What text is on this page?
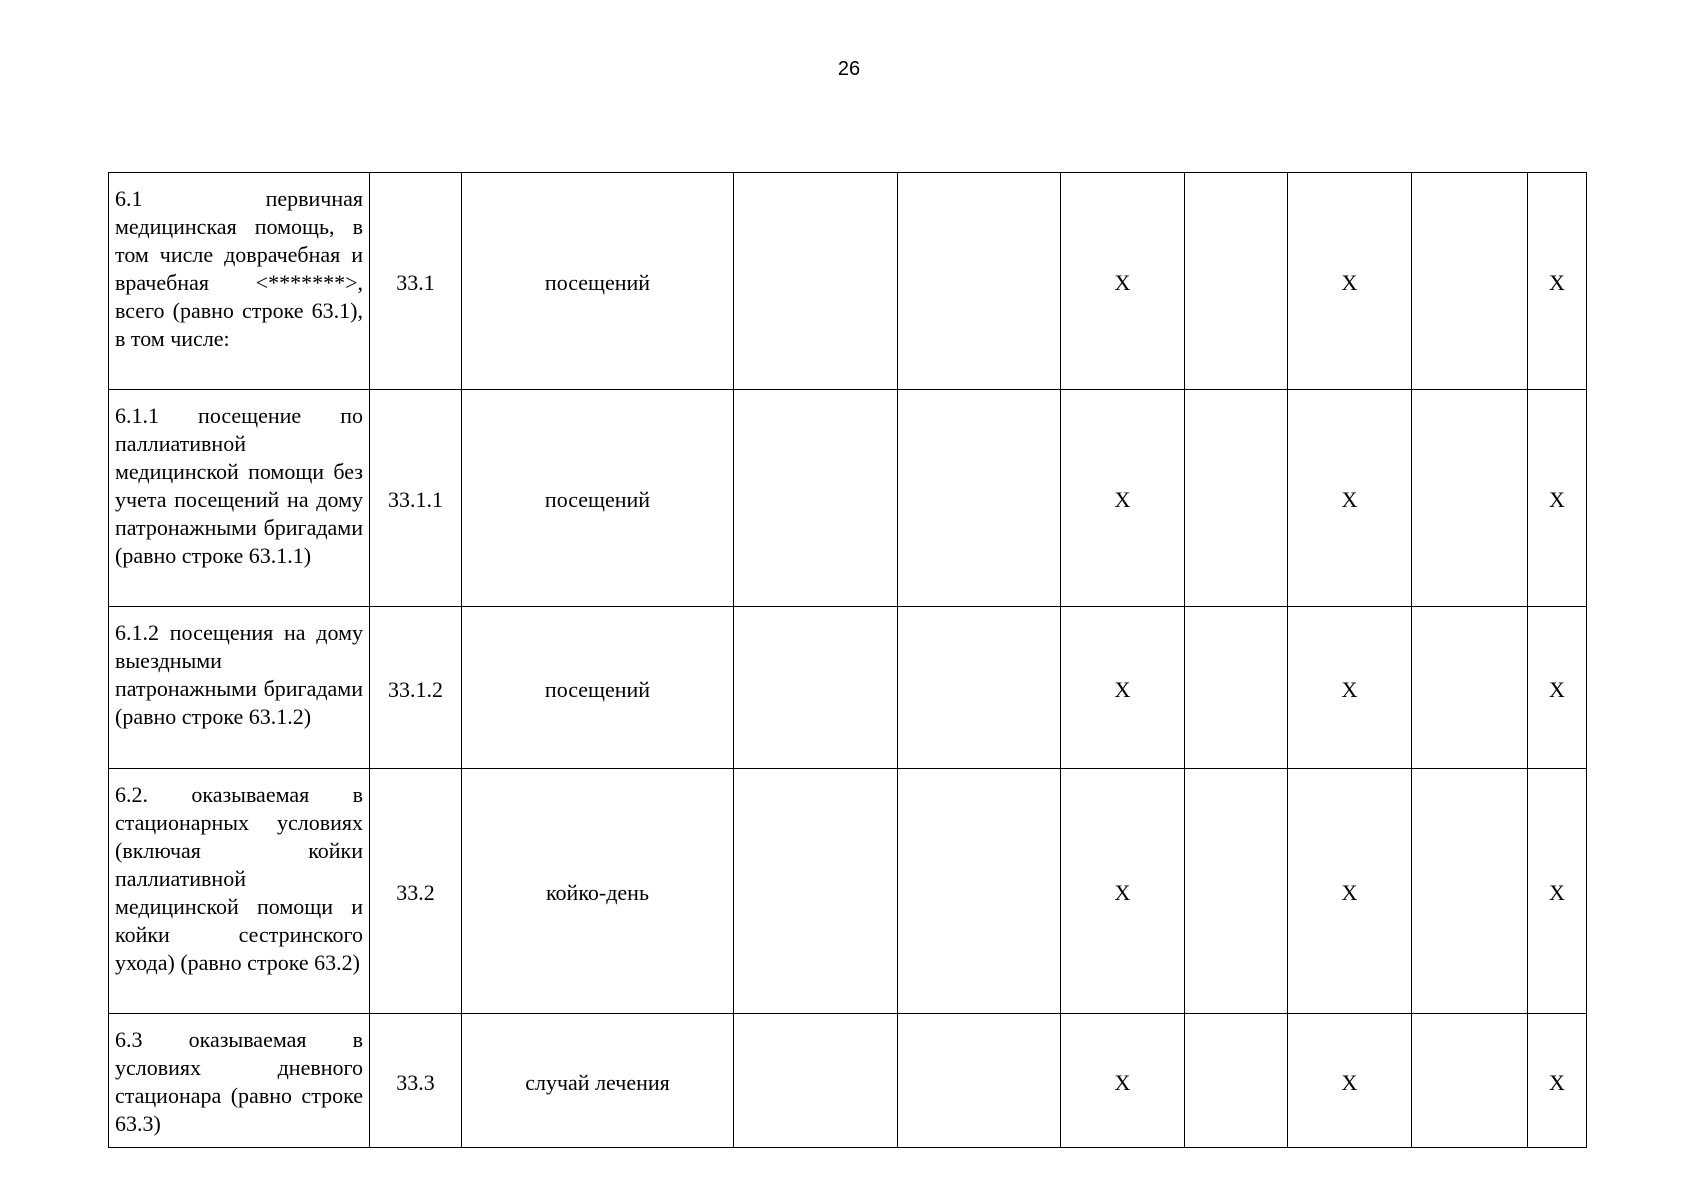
26
6.1 первичная медицинская помощь, в том числе доврачебная и врачебная <*******>, всего (равно строке 63.1), в том числе:	33.1	посещений			X		X		X
6.1.1 посещение по паллиативной медицинской помощи без учета посещений на дому патронажными бригадами (равно строке 63.1.1)	33.1.1	посещений			X		X		X
6.1.2 посещения на дому выездными патронажными бригадами (равно строке 63.1.2)	33.1.2	посещений			X		X		X
6.2. оказываемая в стационарных условиях (включая койки паллиативной медицинской помощи и койки сестринского ухода) (равно строке 63.2)	33.2	койко-день			X		X		X
6.3 оказываемая в условиях дневного стационара (равно строке 63.3)	33.3	случай лечения			X		X		X
